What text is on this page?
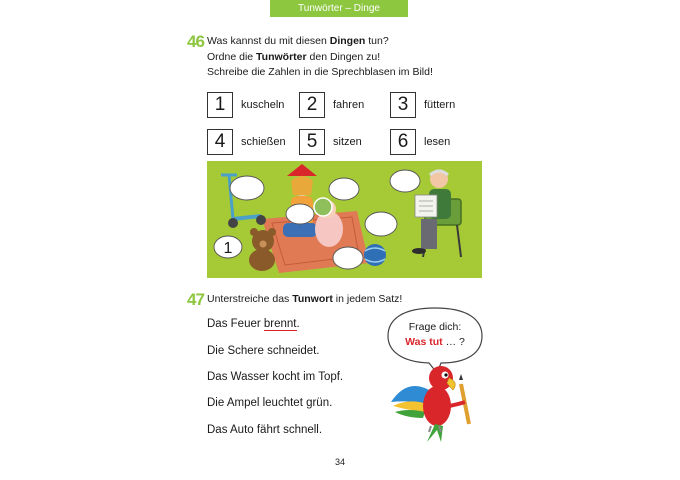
Tunwörter – Dinge
46 Was kannst du mit diesen Dingen tun?
Ordne die Tunwörter den Dingen zu!
Schreibe die Zahlen in die Sprechblasen im Bild!
1	kuscheln	2	fahren	3	füttern
4	schießen	5	sitzen	6	lesen
1
47 Unterstreiche das Tunwort in jedem Satz!
Das Feuer brennt.
Die Schere schneidet.
Das Wasser kocht im Topf.
Die Ampel leuchtet grün.
Das Auto fährt schnell.
Frage dich:
Was tut … ?
34
